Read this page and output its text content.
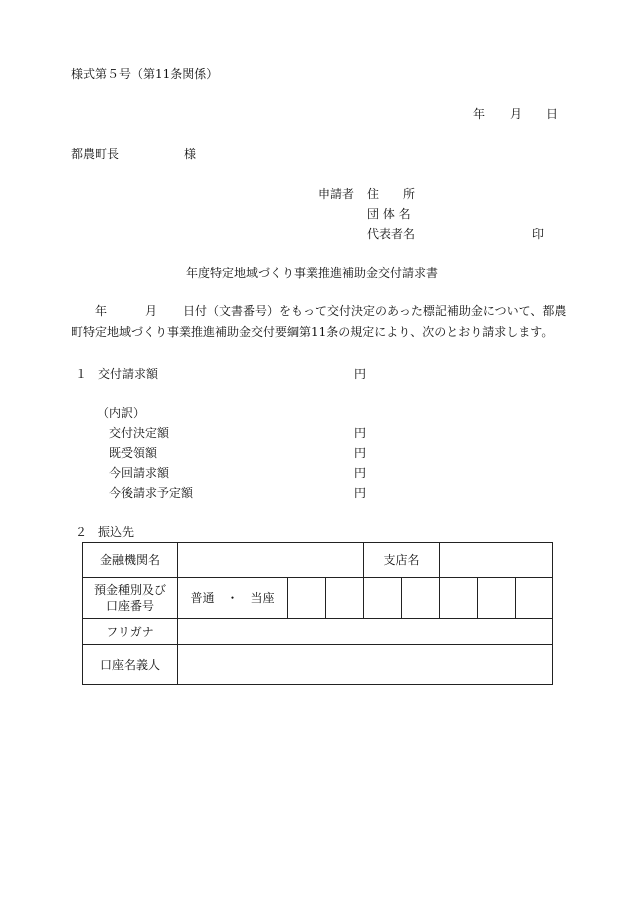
様式第５号（第11条関係）
年 月 日
都農町長	様
申請者 住　　所
団 体 名
代表者名	印
年度特定地域づくり事業推進補助金交付請求書
年	月 日付（文書番号）をもって交付決定のあった標記補助金について、都農
町特定地域づくり事業推進補助金交付要綱第11条の規定により、次のとおり請求します。
１ 交付請求額	円
（内訳）
交付決定額	円
既受領額	円
今回請求額	円
今後請求予定額	円
２ 振込先
金融機関名				支店名				
預金種別及び
口座番号	普通　・　当座							
フリガナ								
口座名義人								
